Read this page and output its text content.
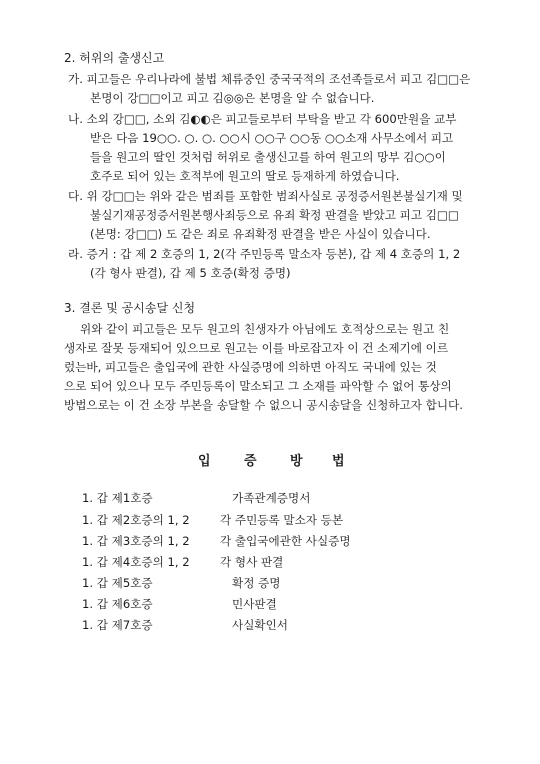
2. 허위의 출생신고
가. 피고들은 우리나라에 불법 체류중인 중국국적의 조선족들로서 피고 김□□은
본명이 강□□이고 피고 김◎◎은 본명을 알 수 없습니다.
나. 소외 강□□, 소외 김◐◐은 피고들로부터 부탁을 받고 각 600만원을 교부
받은 다음 19○○. ○. ○. ○○시 ○○구 ○○동 ○○소재 사무소에서 피고
들을 원고의 딸인 것처럼 허위로 출생신고를 하여 원고의 망부 김○○이
호주로 되어 있는 호적부에 원고의 딸로 등재하게 하였습니다.
다. 위 강□□는 위와 같은 범죄를 포함한 범죄사실로 공정증서원본불실기재 및
불실기재공정증서원본행사죄등으로 유죄 확정 판결을 받았고 피고 김□□
(본명: 강□□) 도 같은 죄로 유죄확정 판결을 받은 사실이 있습니다.
라. 증거 : 갑 제 2 호증의 1, 2(각 주민등록 말소자 등본), 갑 제 4 호증의 1, 2
(각 형사 판결), 갑 제 5 호증(확정 증명)
3. 결론 및 공시송달 신청
위와 같이 피고들은 모두 원고의 친생자가 아님에도 호적상으로는 원고 친
생자로 잘못 등재되어 있으므로 원고는 이를 바로잡고자 이 건 소제기에 이르
렀는바, 피고들은 출입국에 관한 사실증명에 의하면 아직도 국내에 있는 것
으로 되어 있으나 모두 주민등록이 말소되고 그 소재를 파악할 수 없어 통상의
방법으로는 이 건 소장 부본을 송달할 수 없으니 공시송달을 신청하고자 합니다.
입	증	방 법
1. 갑 제1호증	가족관계증명서
1. 갑 제2호증의 1, 2	각 주민등록 말소자 등본
1. 갑 제3호증의 1, 2	각 출입국에관한 사실증명
1. 갑 제4호증의 1, 2	각 형사 판결
1. 갑 제5호증	확정 증명
1. 갑 제6호증	민사판결
1. 갑 제7호증	사실확인서
